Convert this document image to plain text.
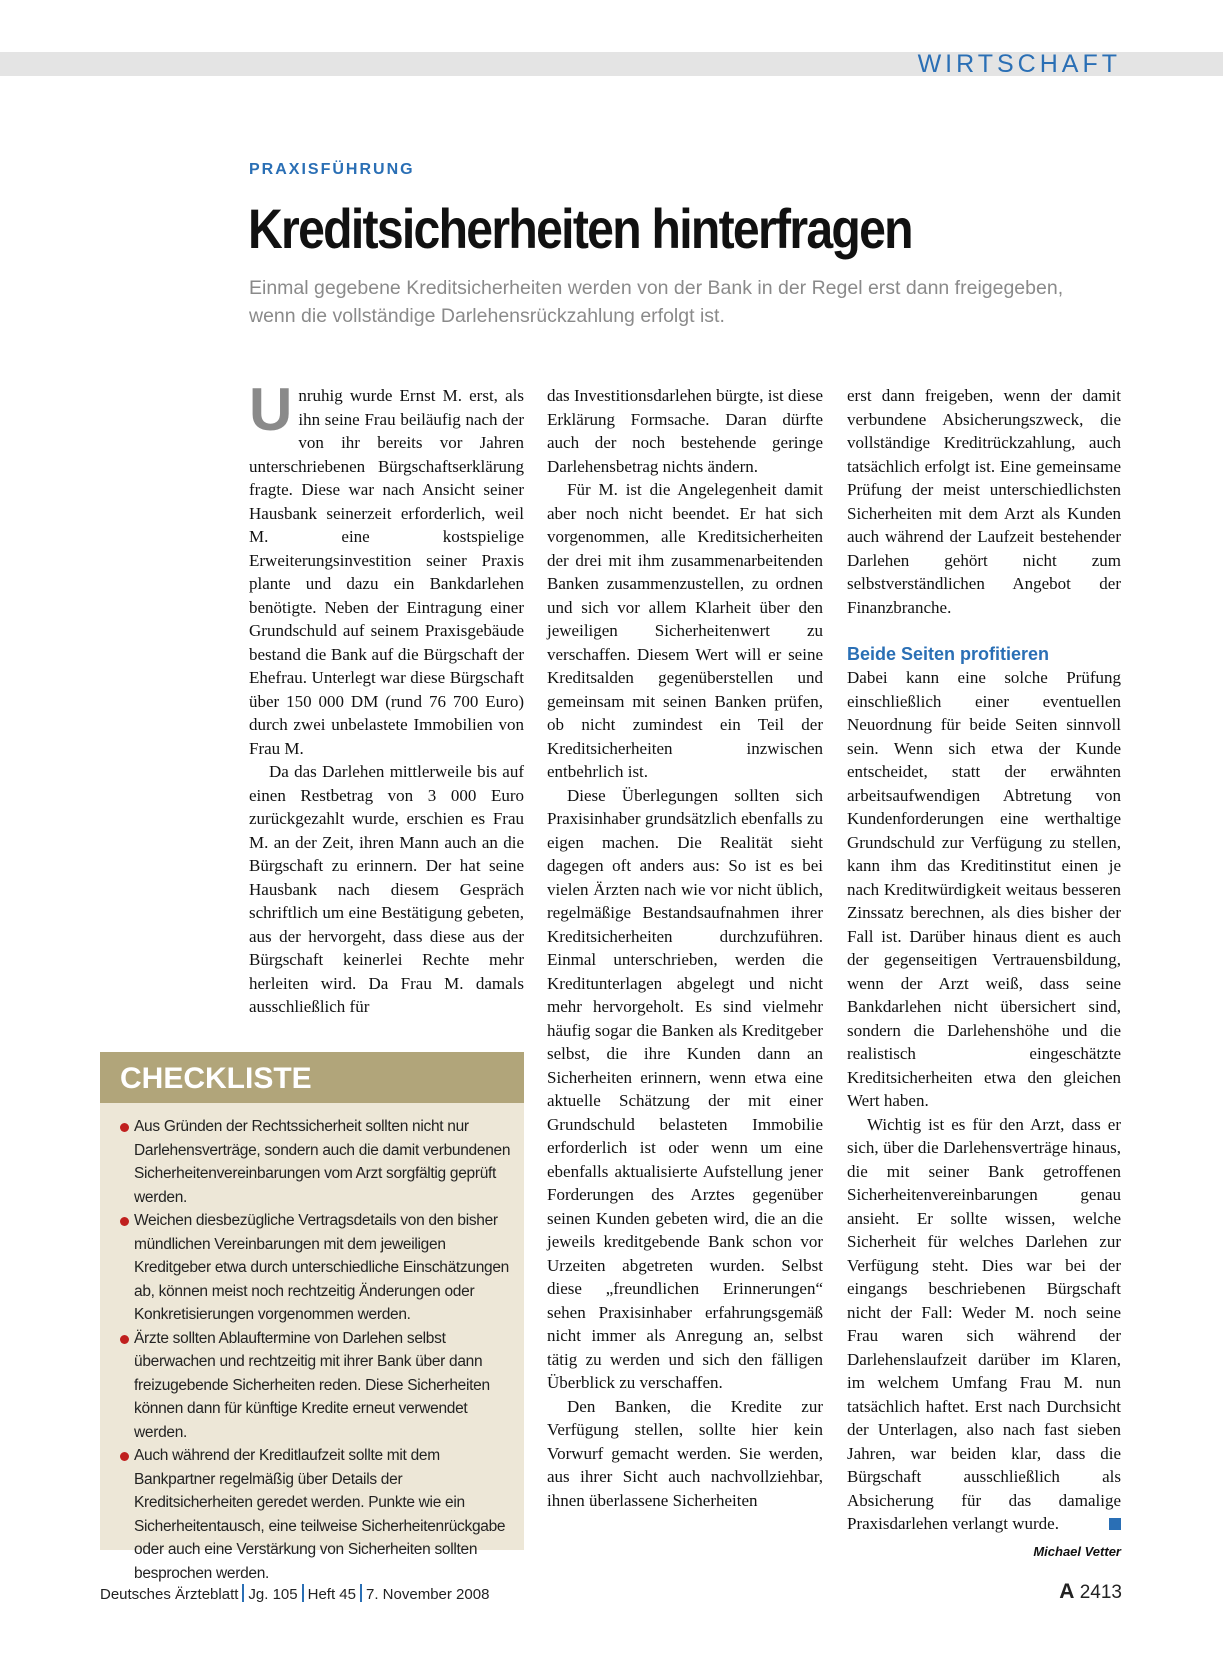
WIRTSCHAFT
PRAXISFÜHRUNG
Kreditsicherheiten hinterfragen
Einmal gegebene Kreditsicherheiten werden von der Bank in der Regel erst dann freigegeben, wenn die vollständige Darlehensrückzahlung erfolgt ist.

Unruhig wurde Ernst M. erst, als ihn seine Frau beiläufig nach der von ihr bereits vor Jahren unterschriebenen Bürgschaftserklärung fragte. Diese war nach Ansicht seiner Hausbank seinerzeit erforderlich, weil M. eine kostspielige Erweiterungsinvestition seiner Praxis plante und dazu ein Bankdarlehen benötigte. Neben der Eintragung einer Grundschuld auf seinem Praxisgebäude bestand die Bank auf die Bürgschaft der Ehefrau. Unterlegt war diese Bürgschaft über 150 000 DM (rund 76 700 Euro) durch zwei unbelastete Immobilien von Frau M.

Da das Darlehen mittlerweile bis auf einen Restbetrag von 3 000 Euro zurückgezahlt wurde, erschien es Frau M. an der Zeit, ihren Mann auch an die Bürgschaft zu erinnern. Der hat seine Hausbank nach diesem Gespräch schriftlich um eine Bestätigung gebeten, aus der hervorgeht, dass diese aus der Bürgschaft keinerlei Rechte mehr herleiten wird. Da Frau M. damals ausschließlich für

das Investitionsdarlehen bürgte, ist diese Erklärung Formsache. Daran dürfte auch der noch bestehende geringe Darlehensbetrag nichts ändern.

Für M. ist die Angelegenheit damit aber noch nicht beendet. Er hat sich vorgenommen, alle Kreditsicherheiten der drei mit ihm zusammenarbeitenden Banken zusammenzustellen, zu ordnen und sich vor allem Klarheit über den jeweiligen Sicherheitenwert zu verschaffen. Diesem Wert will er seine Kreditsalden gegenüberstellen und gemeinsam mit seinen Banken prüfen, ob nicht zumindest ein Teil der Kreditsicherheiten inzwischen entbehrlich ist.

Diese Überlegungen sollten sich Praxisinhaber grundsätzlich ebenfalls zu eigen machen. Die Realität sieht dagegen oft anders aus: So ist es bei vielen Ärzten nach wie vor nicht üblich, regelmäßige Bestandsaufnahmen ihrer Kreditsicherheiten durchzuführen. Einmal unterschrieben, werden die Kreditunterlagen abgelegt und nicht mehr hervorgeholt. Es sind vielmehr häufig sogar die Banken als Kreditgeber selbst, die ihre Kunden dann an Sicherheiten erinnern, wenn etwa eine aktuelle Schätzung der mit einer Grundschuld belasteten Immobilie erforderlich ist oder wenn um eine ebenfalls aktualisierte Aufstellung jener Forderungen des Arztes gegenüber seinen Kunden gebeten wird, die an die jeweils kreditgebende Bank schon vor Urzeiten abgetreten wurden. Selbst diese „freundlichen Erinnerungen“ sehen Praxisinhaber erfahrungsgemäß nicht immer als Anregung an, selbst tätig zu werden und sich den fälligen Überblick zu verschaffen.

Den Banken, die Kredite zur Verfügung stellen, sollte hier kein Vorwurf gemacht werden. Sie werden, aus ihrer Sicht auch nachvollziehbar, ihnen überlassene Sicherheiten

erst dann freigeben, wenn der damit verbundene Absicherungszweck, die vollständige Kreditrückzahlung, auch tatsächlich erfolgt ist. Eine gemeinsame Prüfung der meist unterschiedlichsten Sicherheiten mit dem Arzt als Kunden auch während der Laufzeit bestehender Darlehen gehört nicht zum selbstverständlichen Angebot der Finanzbranche.

Beide Seiten profitieren

Dabei kann eine solche Prüfung einschließlich einer eventuellen Neuordnung für beide Seiten sinnvoll sein. Wenn sich etwa der Kunde entscheidet, statt der erwähnten arbeitsaufwendigen Abtretung von Kundenforderungen eine werthaltige Grundschuld zur Verfügung zu stellen, kann ihm das Kreditinstitut einen je nach Kreditwürdigkeit weitaus besseren Zinssatz berechnen, als dies bisher der Fall ist. Darüber hinaus dient es auch der gegenseitigen Vertrauensbildung, wenn der Arzt weiß, dass seine Bankdarlehen nicht übersichert sind, sondern die Darlehenshöhe und die realistisch eingeschätzte Kreditsicherheiten etwa den gleichen Wert haben.

Wichtig ist es für den Arzt, dass er sich, über die Darlehensverträge hinaus, die mit seiner Bank getroffenen Sicherheitenvereinbarungen genau ansieht. Er sollte wissen, welche Sicherheit für welches Darlehen zur Verfügung steht. Dies war bei der eingangs beschriebenen Bürgschaft nicht der Fall: Weder M. noch seine Frau waren sich während der Darlehenslaufzeit darüber im Klaren, im welchem Umfang Frau M. nun tatsächlich haftet. Erst nach Durchsicht der Unterlagen, also nach fast sieben Jahren, war beiden klar, dass die Bürgschaft ausschließlich als Absicherung für das damalige Praxisdarlehen verlangt wurde.

Michael Vetter
CHECKLISTE
Aus Gründen der Rechtssicherheit sollten nicht nur Darlehensverträge, sondern auch die damit verbundenen Sicherheitenvereinbarungen vom Arzt sorgfältig geprüft werden.
Weichen diesbezügliche Vertragsdetails von den bisher mündlichen Vereinbarungen mit dem jeweiligen Kreditgeber etwa durch unterschiedliche Einschätzungen ab, können meist noch rechtzeitig Änderungen oder Konkretisierungen vorgenommen werden.
Ärzte sollten Ablauftermine von Darlehen selbst überwachen und rechtzeitig mit ihrer Bank über dann freizugebende Sicherheiten reden. Diese Sicherheiten können dann für künftige Kredite erneut verwendet werden.
Auch während der Kreditlaufzeit sollte mit dem Bankpartner regelmäßig über Details der Kreditsicherheiten geredet werden. Punkte wie ein Sicherheitentausch, eine teilweise Sicherheitenrückgabe oder auch eine Verstärkung von Sicherheiten sollten besprochen werden.
Deutsches Ärzteblatt Jg. 105 Heft 45 7. November 2008	A 2413
